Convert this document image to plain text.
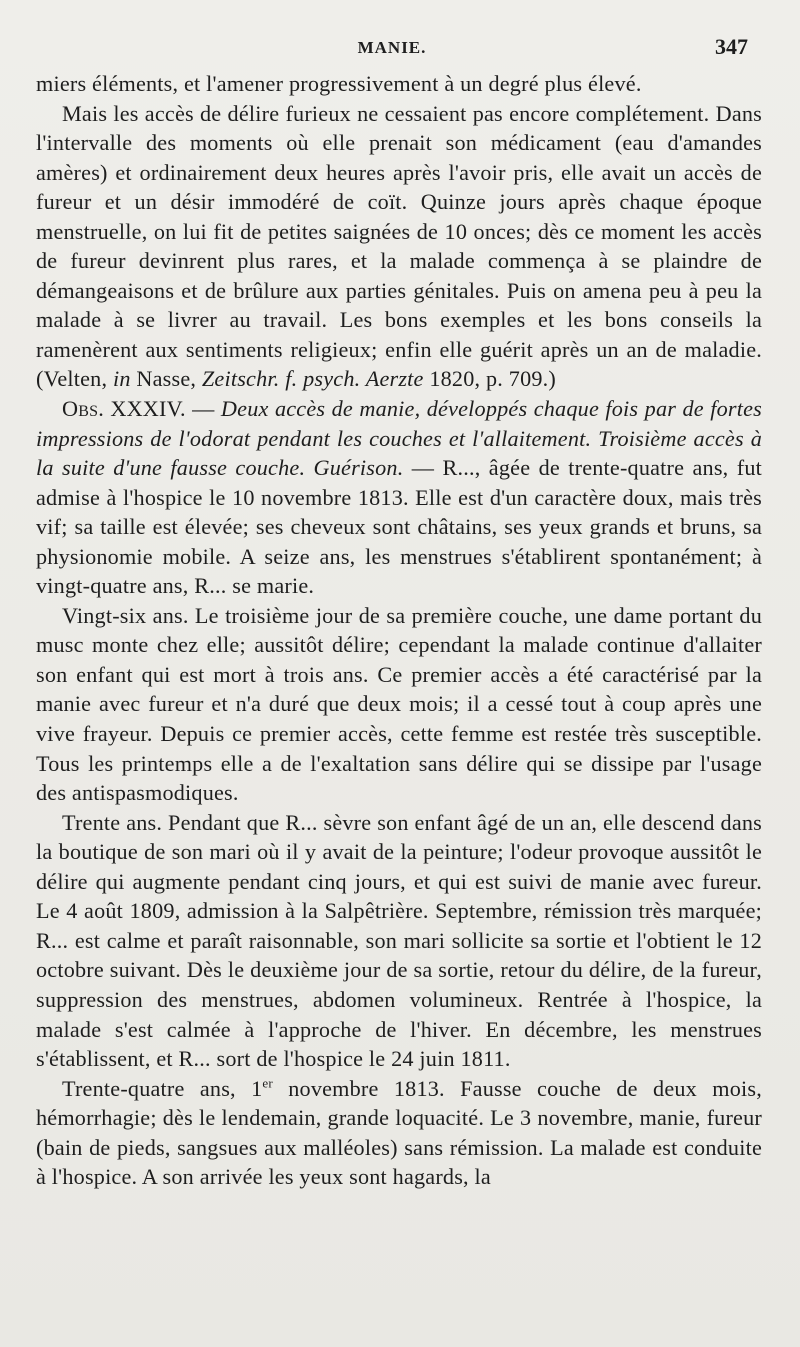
MANIE.	347

miers éléments, et l'amener progressivement à un degré plus élevé.

Mais les accès de délire furieux ne cessaient pas encore complétement. Dans l'intervalle des moments où elle prenait son médicament (eau d'amandes amères) et ordinairement deux heures après l'avoir pris, elle avait un accès de fureur et un désir immodéré de coït. Quinze jours après chaque époque menstruelle, on lui fit de petites saignées de 10 onces; dès ce moment les accès de fureur devinrent plus rares, et la malade commença à se plaindre de démangeaisons et de brûlure aux parties génitales. Puis on amena peu à peu la malade à se livrer au travail. Les bons exemples et les bons conseils la ramenèrent aux sentiments religieux; enfin elle guérit après un an de maladie. (Velten, in Nasse, Zeitschr. f. psych. Aerzte 1820, p. 709.)

Obs. XXXIV. — Deux accès de manie, développés chaque fois par de fortes impressions de l'odorat pendant les couches et l'allaitement. Troisième accès à la suite d'une fausse couche. Guérison. — R..., âgée de trente-quatre ans, fut admise à l'hospice le 10 novembre 1813. Elle est d'un caractère doux, mais très vif; sa taille est élevée; ses cheveux sont châtains, ses yeux grands et bruns, sa physionomie mobile. A seize ans, les menstrues s'établirent spontanément; à vingt-quatre ans, R... se marie.

Vingt-six ans. Le troisième jour de sa première couche, une dame portant du musc monte chez elle; aussitôt délire; cependant la malade continue d'allaiter son enfant qui est mort à trois ans. Ce premier accès a été caractérisé par la manie avec fureur et n'a duré que deux mois; il a cessé tout à coup après une vive frayeur. Depuis ce premier accès, cette femme est restée très susceptible. Tous les printemps elle a de l'exaltation sans délire qui se dissipe par l'usage des antispasmodiques.

Trente ans. Pendant que R... sèvre son enfant âgé de un an, elle descend dans la boutique de son mari où il y avait de la peinture; l'odeur provoque aussitôt le délire qui augmente pendant cinq jours, et qui est suivi de manie avec fureur. Le 4 août 1809, admission à la Salpêtrière. Septembre, rémission très marquée; R... est calme et paraît raisonnable, son mari sollicite sa sortie et l'obtient le 12 octobre suivant. Dès le deuxième jour de sa sortie, retour du délire, de la fureur, suppression des menstrues, abdomen volumineux. Rentrée à l'hospice, la malade s'est calmée à l'approche de l'hiver. En décembre, les menstrues s'établissent, et R... sort de l'hospice le 24 juin 1811.

Trente-quatre ans, 1er novembre 1813. Fausse couche de deux mois, hémorrhagie; dès le lendemain, grande loquacité. Le 3 novembre, manie, fureur (bain de pieds, sangsues aux malléoles) sans rémission. La malade est conduite à l'hospice. A son arrivée les yeux sont hagards, la
